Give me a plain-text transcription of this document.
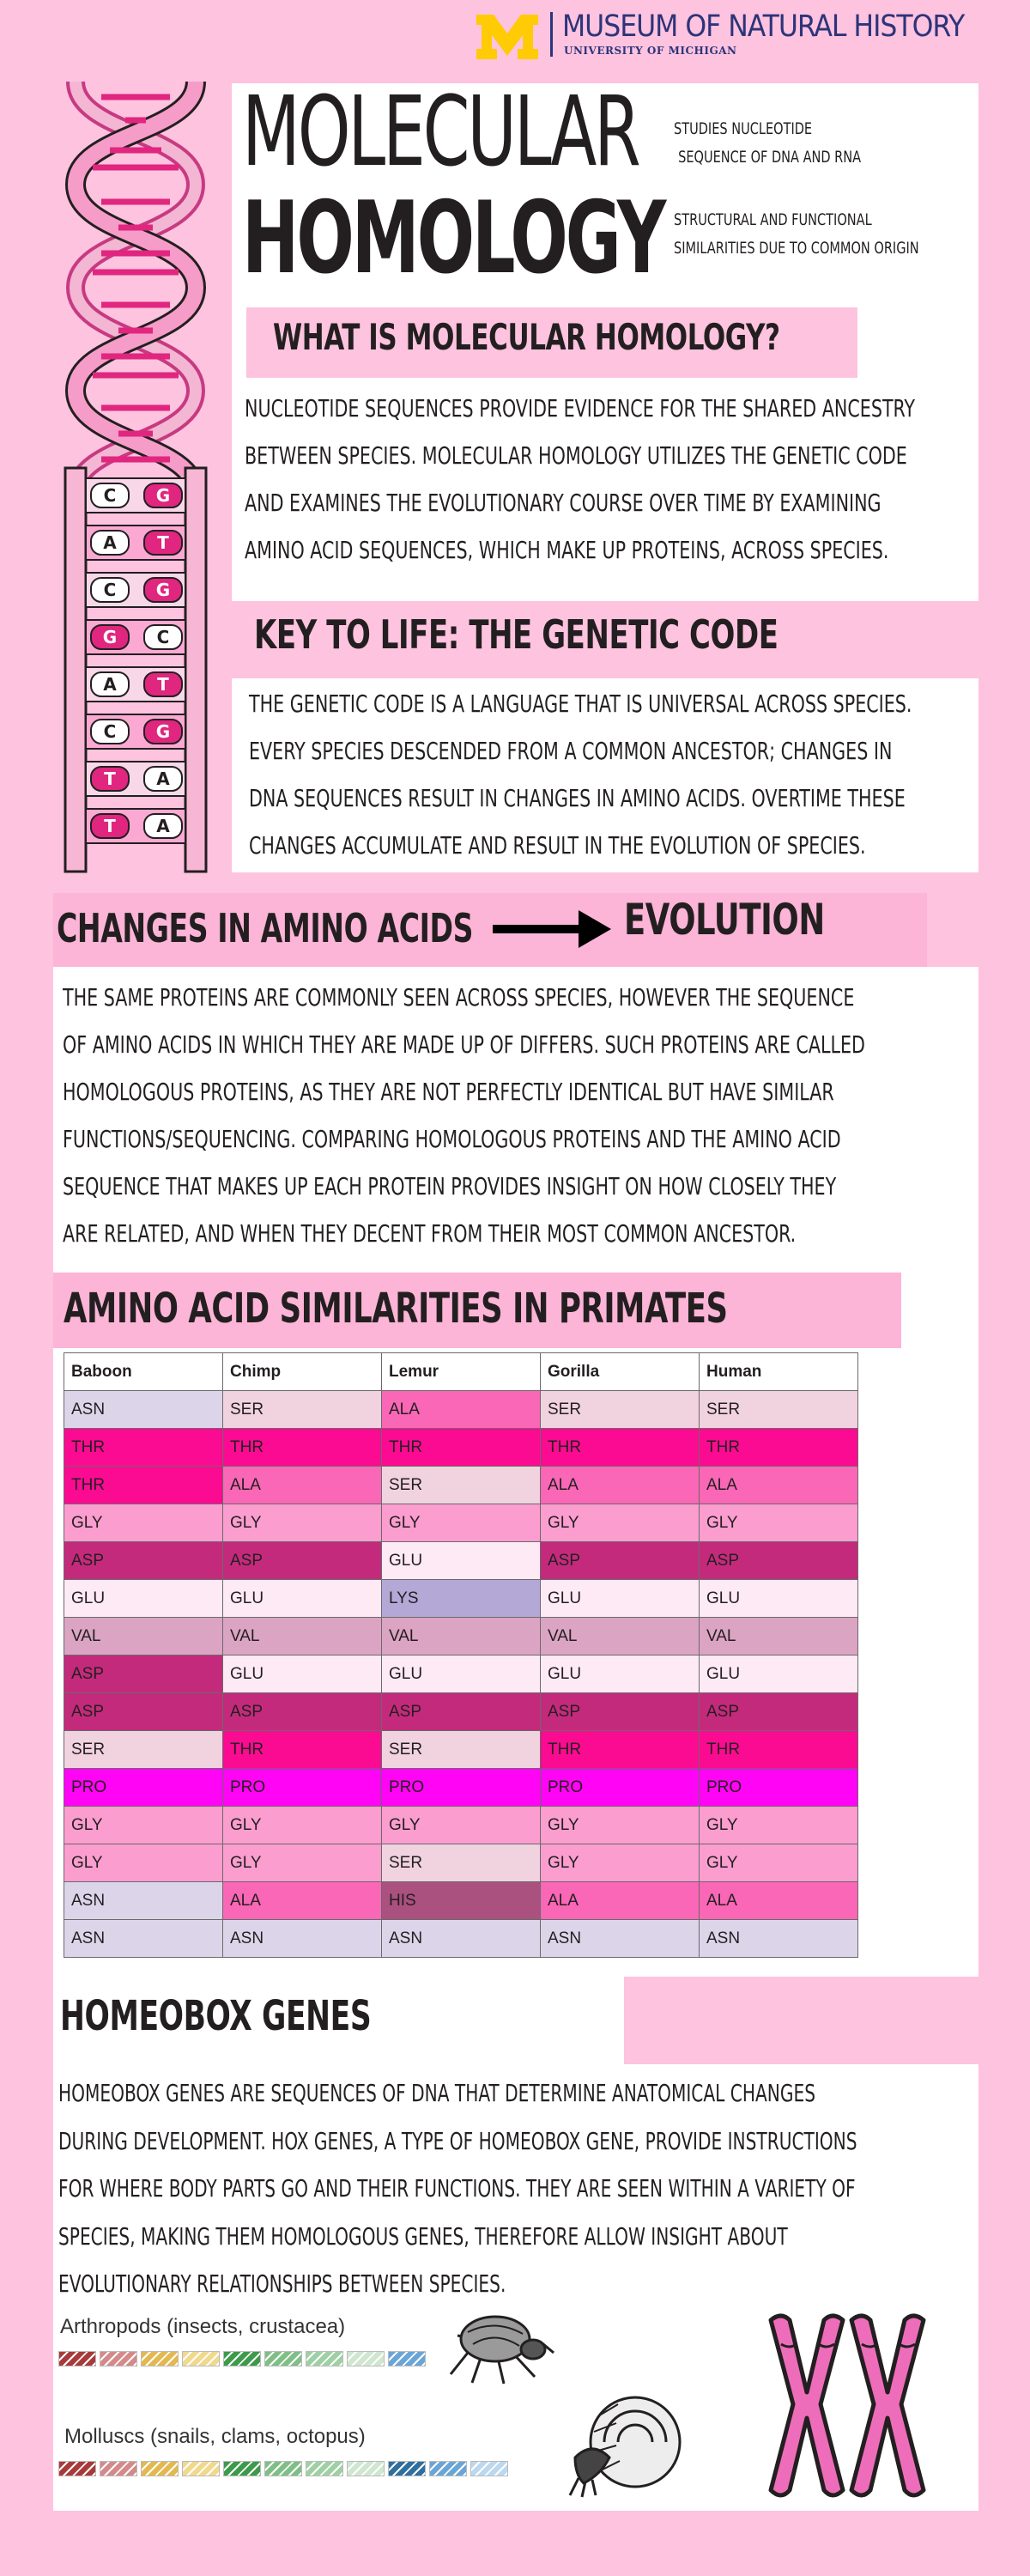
MUSEUM OF NATURAL HISTORY
UNIVERSITY OF MICHIGAN
C G
A T
C G
G C
A T
C G
T A
T A
MOLECULAR
HOMOLOGY
STUDIES NUCLEOTIDE
SEQUENCE OF DNA AND RNA
STRUCTURAL AND FUNCTIONAL
SIMILARITIES DUE TO COMMON ORIGIN
WHAT IS MOLECULAR HOMOLOGY?
NUCLEOTIDE SEQUENCES PROVIDE EVIDENCE FOR THE SHARED ANCESTRY
BETWEEN SPECIES. MOLECULAR HOMOLOGY UTILIZES THE GENETIC CODE
AND EXAMINES THE EVOLUTIONARY COURSE OVER TIME BY EXAMINING
AMINO ACID SEQUENCES, WHICH MAKE UP PROTEINS, ACROSS SPECIES.
KEY TO LIFE: THE GENETIC CODE
THE GENETIC CODE IS A LANGUAGE THAT IS UNIVERSAL ACROSS SPECIES.
EVERY SPECIES DESCENDED FROM A COMMON ANCESTOR; CHANGES IN
DNA SEQUENCES RESULT IN CHANGES IN AMINO ACIDS. OVERTIME THESE
CHANGES ACCUMULATE AND RESULT IN THE EVOLUTION OF SPECIES.
CHANGES IN AMINO ACIDS	EVOLUTION
THE SAME PROTEINS ARE COMMONLY SEEN ACROSS SPECIES, HOWEVER THE SEQUENCE
OF AMINO ACIDS IN WHICH THEY ARE MADE UP OF DIFFERS. SUCH PROTEINS ARE CALLED
HOMOLOGOUS PROTEINS, AS THEY ARE NOT PERFECTLY IDENTICAL BUT HAVE SIMILAR
FUNCTIONS/SEQUENCING. COMPARING HOMOLOGOUS PROTEINS AND THE AMINO ACID
SEQUENCE THAT MAKES UP EACH PROTEIN PROVIDES INSIGHT ON HOW CLOSELY THEY
ARE RELATED, AND WHEN THEY DECENT FROM THEIR MOST COMMON ANCESTOR.
AMINO ACID SIMILARITIES IN PRIMATES
Baboon	Chimp	Lemur	Gorilla	Human
ASN	SER	ALA	SER	SER
THR	THR	THR	THR	THR
THR	ALA	SER	ALA	ALA
GLY	GLY	GLY	GLY	GLY
ASP	ASP	GLU	ASP	ASP
GLU	GLU	LYS	GLU	GLU
VAL	VAL	VAL	VAL	VAL
ASP	GLU	GLU	GLU	GLU
ASP	ASP	ASP	ASP	ASP
SER	THR	SER	THR	THR
PRO	PRO	PRO	PRO	PRO
GLY	GLY	GLY	GLY	GLY
GLY	GLY	SER	GLY	GLY
ASN	ALA	HIS	ALA	ALA
ASN	ASN	ASN	ASN	ASN
HOMEOBOX GENES
HOMEOBOX GENES ARE SEQUENCES OF DNA THAT DETERMINE ANATOMICAL CHANGES
DURING DEVELOPMENT. HOX GENES, A TYPE OF HOMEOBOX GENE, PROVIDE INSTRUCTIONS
FOR WHERE BODY PARTS GO AND THEIR FUNCTIONS. THEY ARE SEEN WITHIN A VARIETY OF
SPECIES, MAKING THEM HOMOLOGOUS GENES, THEREFORE ALLOW INSIGHT ABOUT
EVOLUTIONARY RELATIONSHIPS BETWEEN SPECIES.
Arthropods (insects, crustacea)
Molluscs (snails, clams, octopus)
